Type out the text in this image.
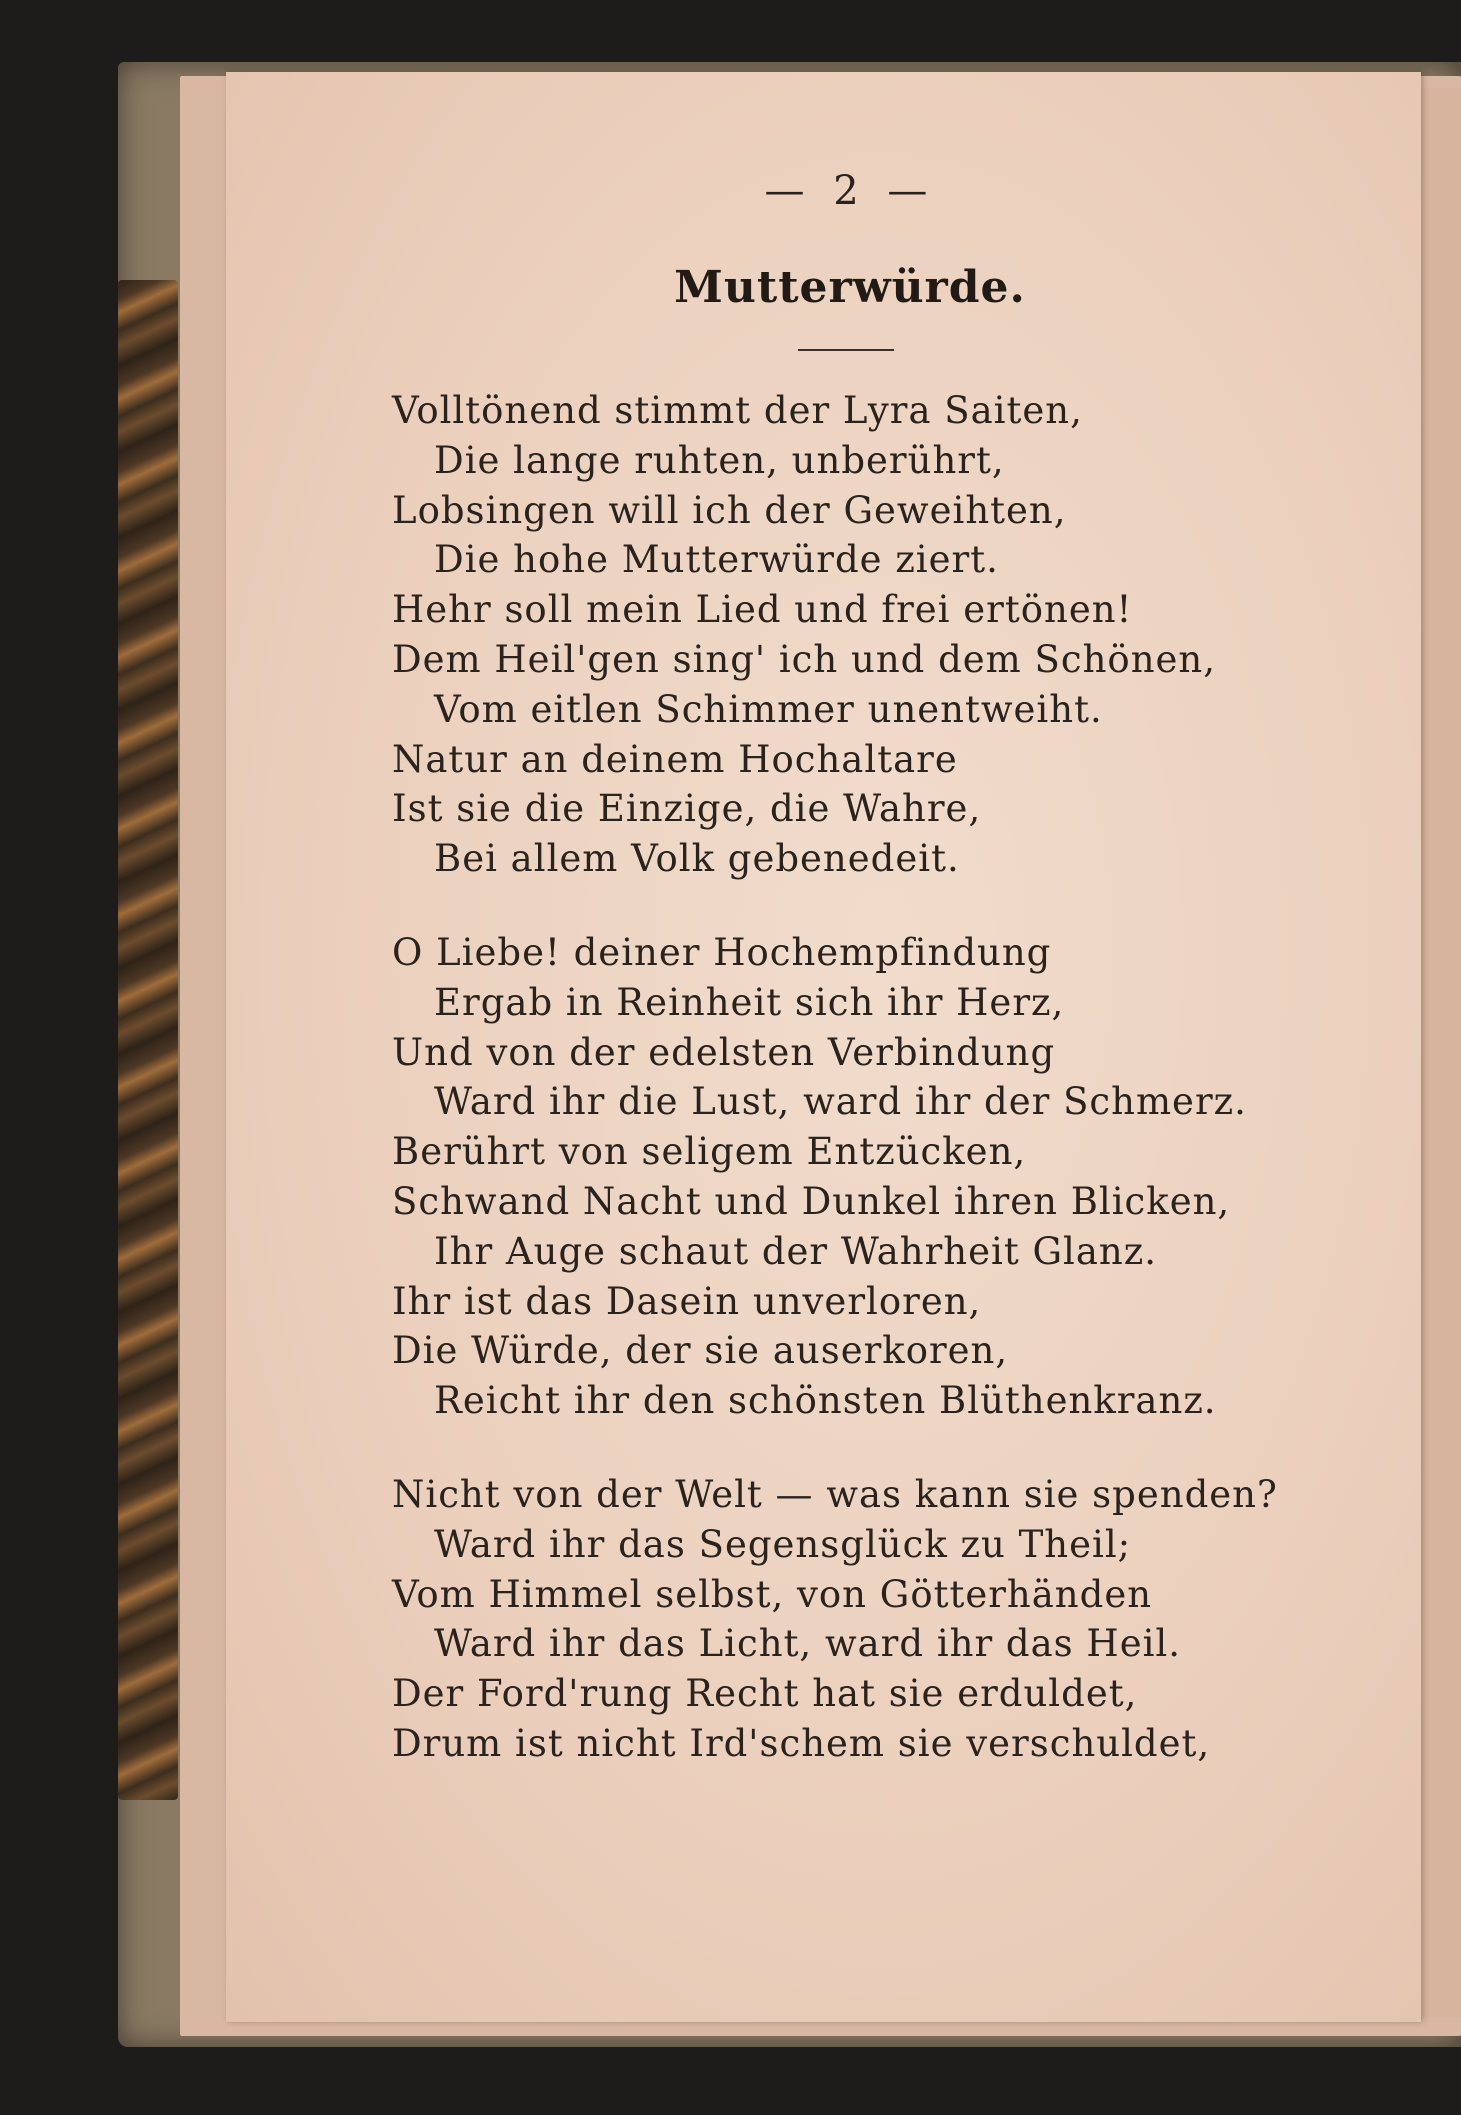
— 2 —
Mutterwürde.
Volltönend stimmt der Lyra Saiten,
Die lange ruhten, unberührt,
Lobsingen will ich der Geweihten,
Die hohe Mutterwürde ziert.
Hehr soll mein Lied und frei ertönen!
Dem Heil'gen sing' ich und dem Schönen,
Vom eitlen Schimmer unentweiht.
Natur an deinem Hochaltare
Ist sie die Einzige, die Wahre,
Bei allem Volk gebenedeit.
O Liebe! deiner Hochempfindung
Ergab in Reinheit sich ihr Herz,
Und von der edelsten Verbindung
Ward ihr die Lust, ward ihr der Schmerz.
Berührt von seligem Entzücken,
Schwand Nacht und Dunkel ihren Blicken,
Ihr Auge schaut der Wahrheit Glanz.
Ihr ist das Dasein unverloren,
Die Würde, der sie auserkoren,
Reicht ihr den schönsten Blüthenkranz.
Nicht von der Welt — was kann sie spenden?
Ward ihr das Segensglück zu Theil;
Vom Himmel selbst, von Götterhänden
Ward ihr das Licht, ward ihr das Heil.
Der Ford'rung Recht hat sie erduldet,
Drum ist nicht Ird'schem sie verschuldet,
